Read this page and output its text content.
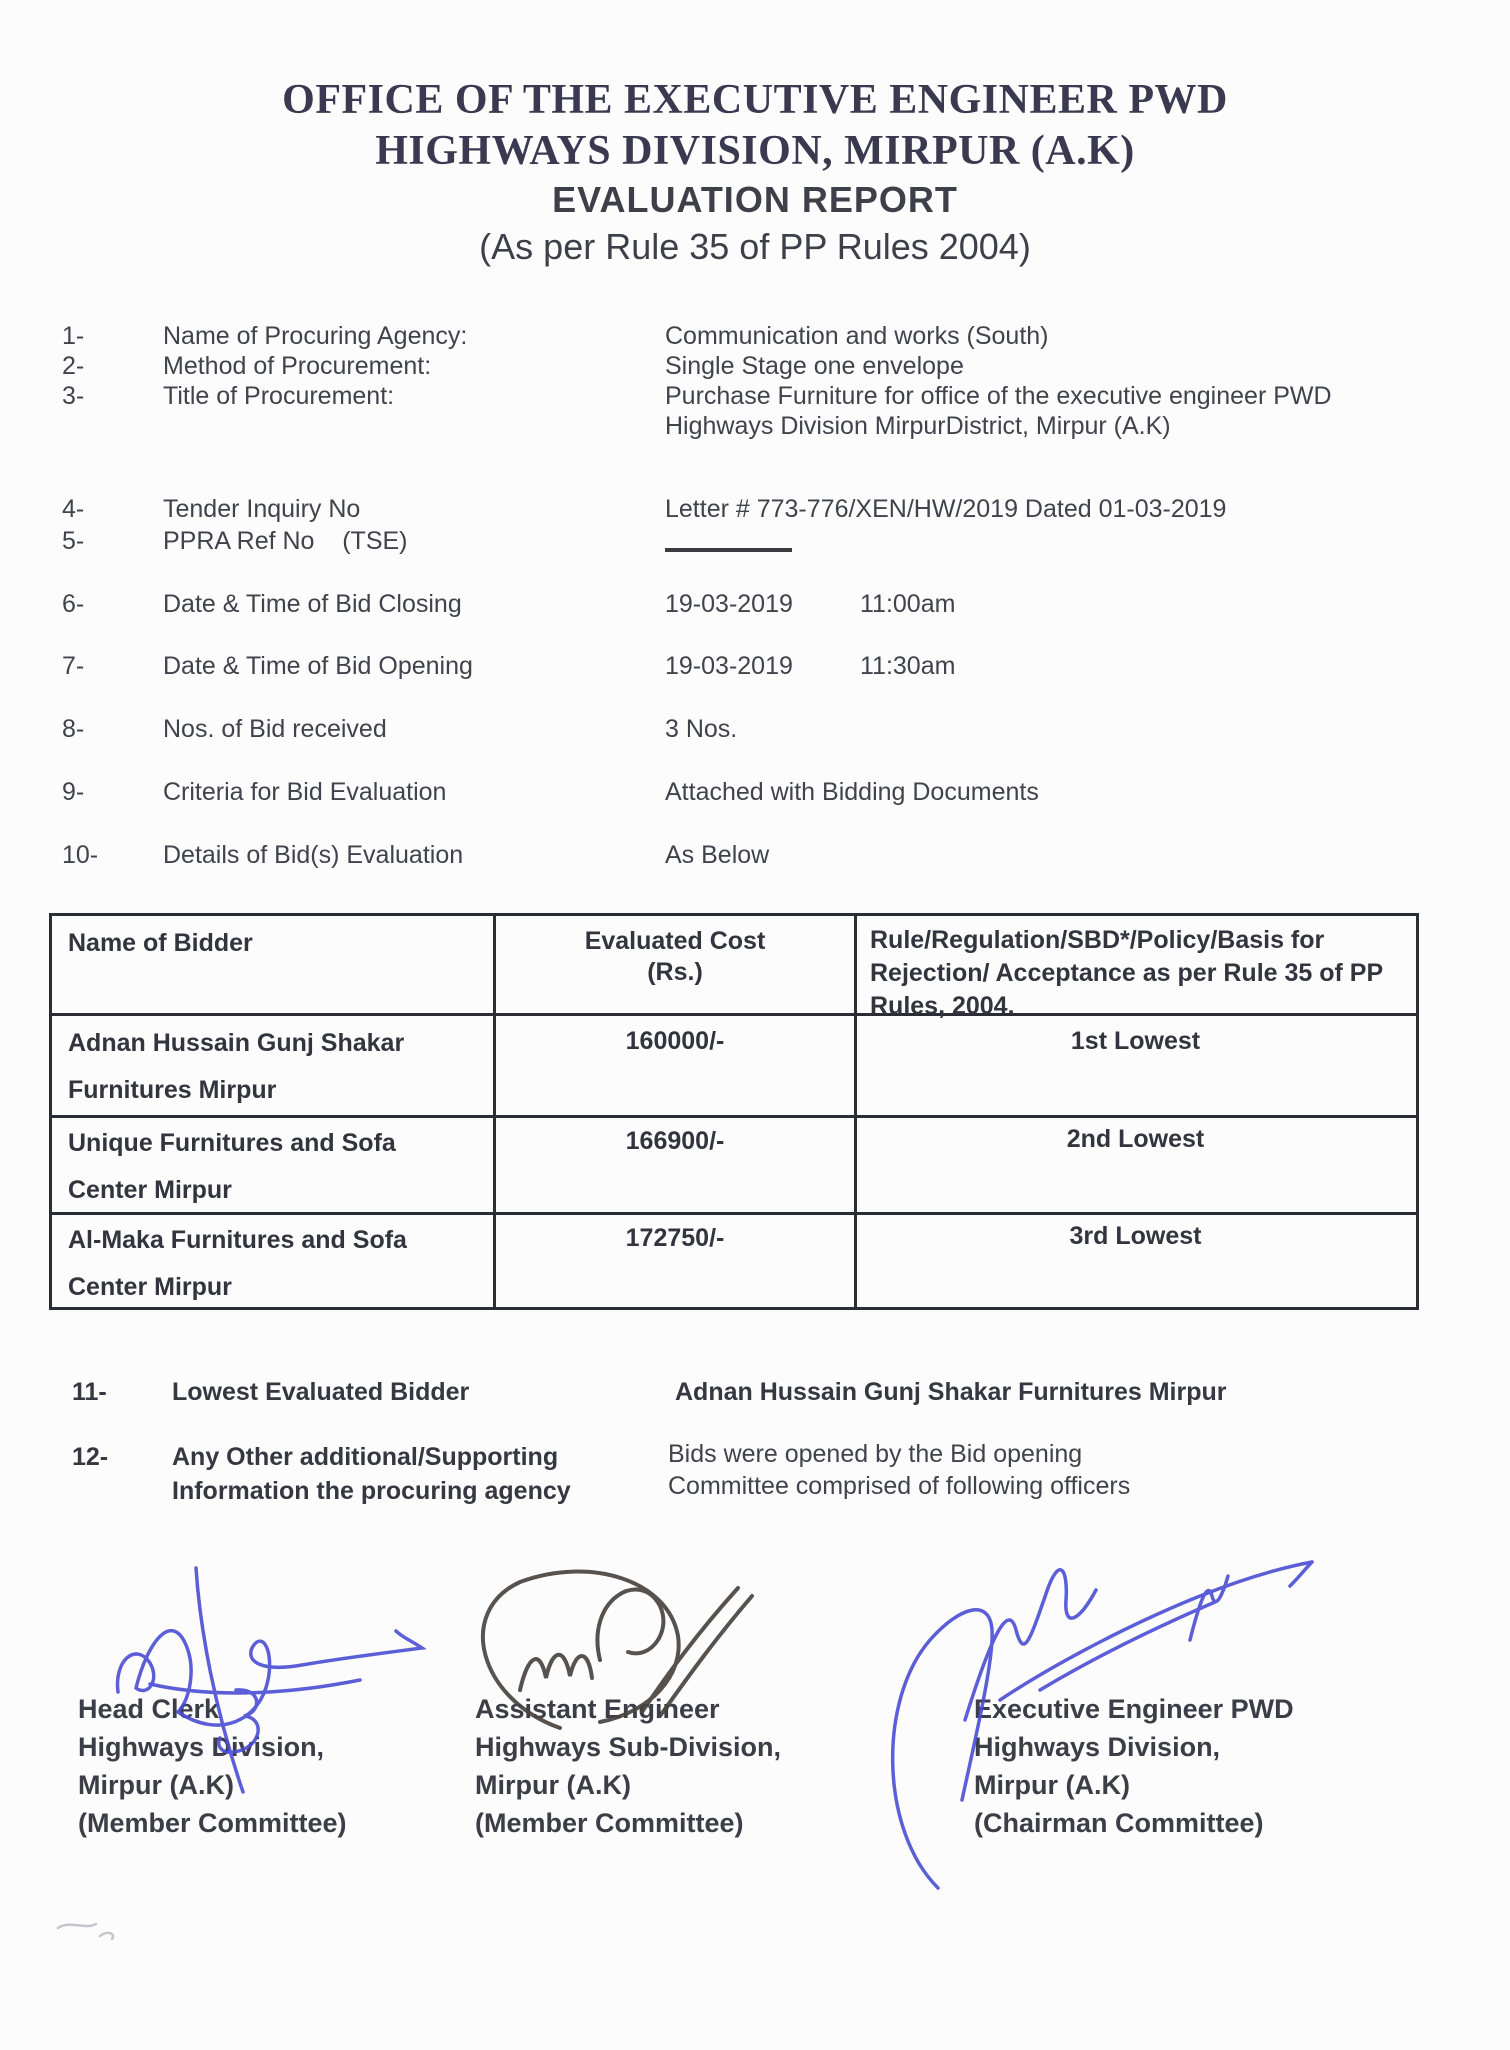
OFFICE OF THE EXECUTIVE ENGINEER PWD
HIGHWAYS DIVISION, MIRPUR (A.K)
EVALUATION REPORT
(As per Rule 35 of PP Rules 2004)
1-	Name of Procuring Agency:	Communication and works (South)
2-	Method of Procurement:	Single Stage one envelope
3-	Title of Procurement:	Purchase Furniture for office of the executive engineer PWD
Highways Division MirpurDistrict, Mirpur (A.K)
4-	Tender Inquiry No	Letter # 773-776/XEN/HW/2019 Dated 01-03-2019
5-	PPRA Ref No    (TSE)
6-	Date & Time of Bid Closing	19-03-2019	11:00am
7-	Date & Time of Bid Opening	19-03-2019	11:30am
8-	Nos. of Bid received	3 Nos.
9-	Criteria for Bid Evaluation	Attached with Bidding Documents
10-	Details of Bid(s) Evaluation	As Below
Name of Bidder	Evaluated Cost
(Rs.)
Rule/Regulation/SBD*/Policy/Basis for Rejection/ Acceptance as per Rule 35 of PP Rules, 2004.
Adnan Hussain Gunj Shakar
Furnitures Mirpur
160000/-	1st Lowest
Unique Furnitures and Sofa
Center Mirpur
166900/-	2nd Lowest
Al-Maka Furnitures and Sofa
Center Mirpur
172750/-	3rd Lowest
11-	Lowest Evaluated Bidder	Adnan Hussain Gunj Shakar Furnitures Mirpur
12-	Any Other additional/Supporting	Bids were opened by the Bid opening
Information the procuring agency	Committee comprised of following officers
Head Clerk
Highways Division,
Mirpur (A.K)
(Member Committee)
Assistant Engineer
Highways Sub-Division,
Mirpur (A.K)
(Member Committee)
Executive Engineer PWD
Highways Division,
Mirpur (A.K)
(Chairman Committee)
